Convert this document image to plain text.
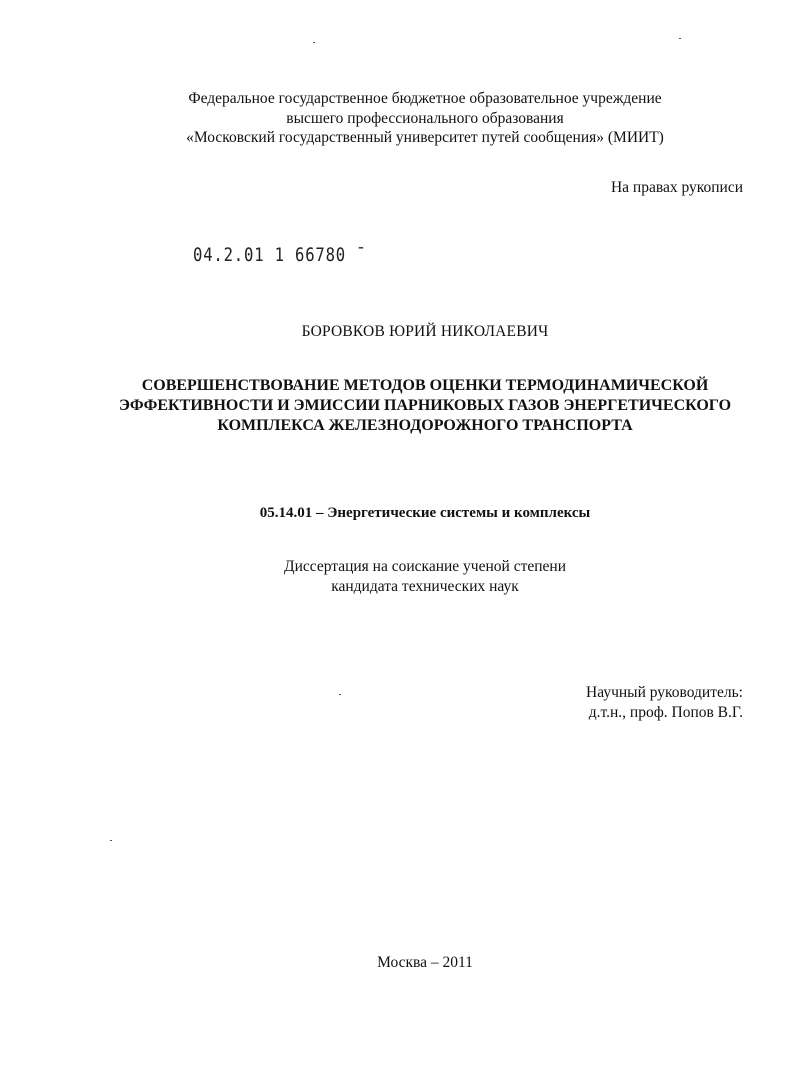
Федеральное государственное бюджетное образовательное учреждение
высшего профессионального образования
«Московский государственный университет путей сообщения» (МИИТ)
На правах рукописи
04.2.01 1 66780 ˉ
БОРОВКОВ ЮРИЙ НИКОЛАЕВИЧ
СОВЕРШЕНСТВОВАНИЕ МЕТОДОВ ОЦЕНКИ ТЕРМОДИНАМИЧЕСКОЙ
ЭФФЕКТИВНОСТИ И ЭМИССИИ ПАРНИКОВЫХ ГАЗОВ ЭНЕРГЕТИЧЕСКОГО
КОМПЛЕКСА ЖЕЛЕЗНОДОРОЖНОГО ТРАНСПОРТА
05.14.01 – Энергетические системы и комплексы
Диссертация на соискание ученой степени
кандидата технических наук
Научный руководитель:
д.т.н., проф. Попов В.Г.
Москва – 2011
